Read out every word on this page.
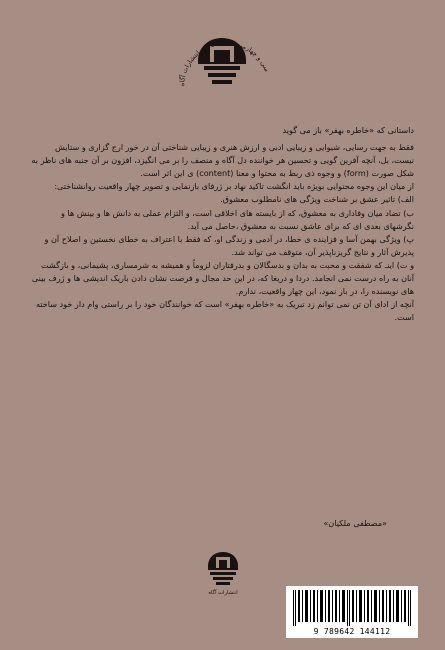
سی و چهارمین سال فعالیت انتشارات آگاه

داستانی که «خاطره بهفر» باز می گوید

فقط به جهت رسایی، شیوایی و زیبایی ادبی و ارزش هنری و زیبایی شناختی آن در خور ارج گزاری و ستایش نیست، بل، آنچه آفرین گویی و تحسین هر خواننده دل آگاه و منصف را بر می انگیزد، افزون بر آن جنبه های ناظر به شکل صورت (form) و وجوه ذی ربط به محتوا و معنا (content) ی این اثر است.

از میان این وجوه محتوایی بویژه باید انگشت تاکید نهاد بر ژرفای بازنمایی و تصویر چهار واقعیت روانشناختی:

الف) تاثیر عشق بر شناخت ویژگی های نامطلوب معشوق.

ب) تضاد میان وفاداری به معشوق، که از بایسته های اخلاقی است، و التزام عملی به دانش ها و بینش ها و نگرشهای بعدی ای که برای عاشق نسبت به معشوق ،حاصل می آید.

پ) ویژگی بهمن آسا و فزاینده ی خطا، در آدمی و زندگی او، که فقط با اعتراف به خطای نخستین و اصلاح آن و پذیرش آثار و نتایج گریزناپذیر آن، متوقف می تواند شد.

و ت) اینـ که شفقت و محبت به بدان و بدسگالان و بدرفتاران لزوماً و همیشه به شرمساری، پشیمانی، و بازگشت آنان به راه درست نمی انجامد. دردا و دریغا که، در این حد مجال و فرصت نشان دادن باریک اندیشی ها و ژرف بینی های نویسنده را، در باز نمود، این چهار واقعیت، ندارم.

آنچه از ادای آن تن نمی توانم زد تبریک به «خاطره بهفر» است که خوانندگان خود را بر راستی وام دار خود ساخته است.

«مصطفی ملکیان»
انتشارات آگاه
9 789642 144112
